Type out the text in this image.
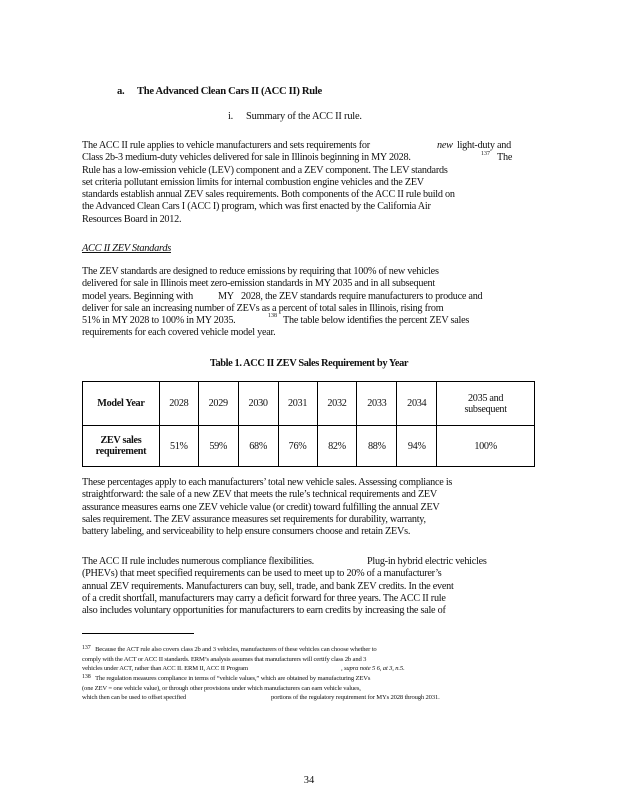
a. The Advanced Clean Cars II (ACC II) Rule
i. Summary of the ACC II rule.
The ACC II rule applies to vehicle manufacturers and sets requirements for
Class 2b-3 medium-duty vehicles delivered for sale in Illinois beginning in MY 2028.
Rule has a low-emission vehicle (LEV) component and a ZEV component. The LEV standards
set criteria pollutant emission limits for internal combustion engine vehicles and the ZEV
standards establish annual ZEV sales requirements. Both components of the ACC II rule build on
the Advanced Clean Cars I (ACC I) program, which was first enacted by the California Air
Resources Board in 2012.
new light-duty and
137 The
ACC II ZEV Standards
The ZEV standards are designed to reduce emissions by requiring that 100% of new vehicles
delivered for sale in Illinois meet zero-emission standards in MY 2035 and in all subsequent
model years. Beginning with
deliver for sale an increasing number of ZEVs as a percent of total sales in Illinois, rising from
51% in MY 2028 to 100% in MY 2035.
requirements for each covered vehicle model year.
MY 2028, the ZEV standards require manufacturers to produce and
138 The table below identifies the percent ZEV sales
Table 1. ACC II ZEV Sales Requirement by Year
Model Year	2028	2029	2030	2031	2032	2033	2034	2035 and
subsequent

ZEV sales
requirement	51%	59%	68%	76%	82%	88%	94%	100%
These percentages apply to each manufacturers’ total new vehicle sales. Assessing compliance is
straightforward: the sale of a new ZEV that meets the rule’s technical requirements and ZEV
assurance measures earns one ZEV vehicle value (or credit) toward fulfilling the annual ZEV
sales requirement. The ZEV assurance measures set requirements for durability, warranty,
battery labeling, and serviceability to help ensure consumers choose and retain ZEVs.
The ACC II rule includes numerous compliance flexibilities.	Plug-in hybrid electric vehicles
(PHEVs) that meet specified requirements can be used to meet up to 20% of a manufacturer’s
annual ZEV requirements. Manufacturers can buy, sell, trade, and bank ZEV credits. In the event
of a credit shortfall, manufacturers may carry a deficit forward for three years. The ACC II rule
also includes voluntary opportunities for manufacturers to earn credits by increasing the sale of
137 Because the ACT rule also covers class 2b and 3 vehicles, manufacturers of these vehicles can choose whether to
comply with the ACT or ACC II standards. ERM’s analysis assumes that manufacturers will certify class 2b and 3
vehicles under ACT, rather than ACC II. ERM II, ACC II Program	, supra note 5 6, at 3, n.5.
138 The regulation measures compliance in terms of “vehicle values,” which are obtained by manufacturing ZEVs
(one ZEV = one vehicle value), or through other provisions under which manufacturers can earn vehicle values,
which then can be used to offset specified	portions of the regulatory requirement for MYs 2028 through 2031.
34
